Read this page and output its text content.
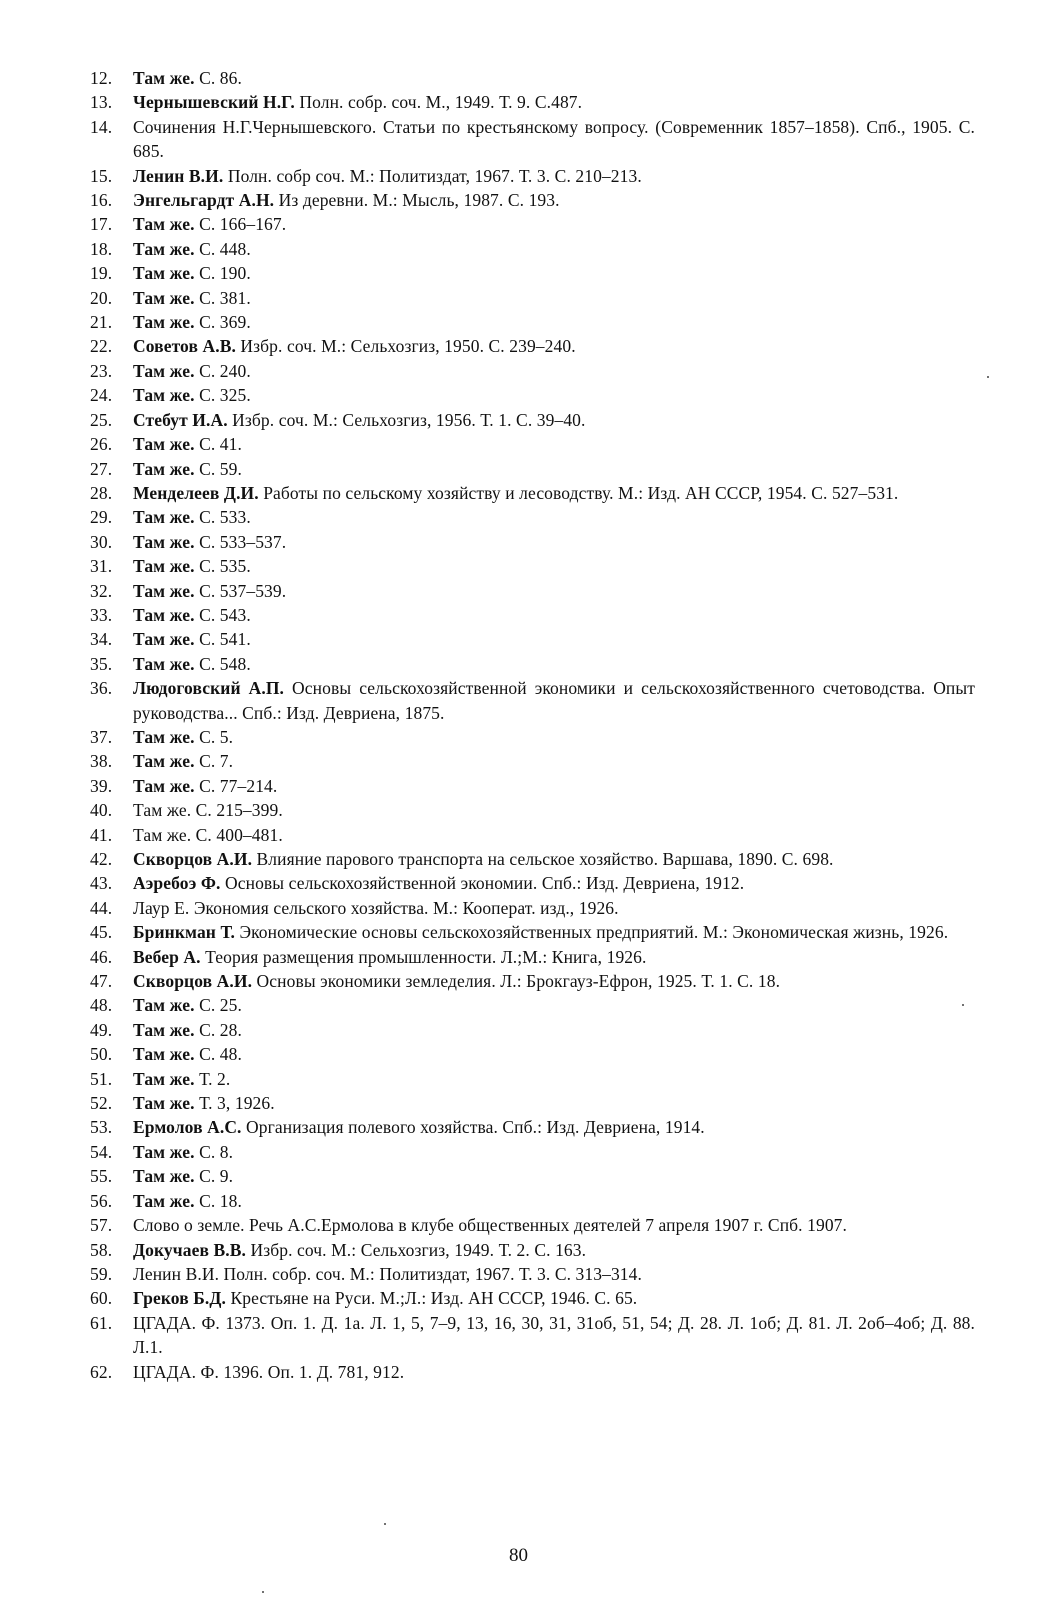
12.	Там же. С. 86.
13.	Чернышевский Н.Г. Полн. собр. соч. М., 1949. Т. 9. С.487.
14.	Сочинения Н.Г.Чернышевского. Статьи по крестьянскому вопросу. (Современник 1857–1858). Спб., 1905. С. 685.
15.	Ленин В.И. Полн. собр соч. М.: Политиздат, 1967. Т. 3. С. 210–213.
16.	Энгельгардт А.Н. Из деревни. М.: Мысль, 1987. С. 193.
17.	Там же. С. 166–167.
18.	Там же. С. 448.
19.	Там же. С. 190.
20.	Там же. С. 381.
21.	Там же. С. 369.
22.	Советов А.В. Избр. соч. М.: Сельхозгиз, 1950. С. 239–240.
23.	Там же. С. 240.
24.	Там же. С. 325.
25.	Стебут И.А. Избр. соч. М.: Сельхозгиз, 1956. Т. 1. С. 39–40.
26.	Там же. С. 41.
27.	Там же. С. 59.
28.	Менделеев Д.И. Работы по сельскому хозяйству и лесоводству. М.: Изд. АН СССР, 1954. С. 527–531.
29.	Там же. С. 533.
30.	Там же. С. 533–537.
31.	Там же. С. 535.
32.	Там же. С. 537–539.
33.	Там же. С. 543.
34.	Там же. С. 541.
35.	Там же. С. 548.
36.	Людоговский А.П. Основы сельскохозяйственной экономики и сельскохозяйственного счетоводства. Опыт руководства... Спб.: Изд. Девриена, 1875.
37.	Там же. С. 5.
38.	Там же. С. 7.
39.	Там же. С. 77–214.
40.	Там же. С. 215–399.
41.	Там же. С. 400–481.
42.	Скворцов А.И. Влияние парового транспорта на сельское хозяйство. Варшава, 1890. С. 698.
43.	Аэребоэ Ф. Основы сельскохозяйственной экономии. Спб.: Изд. Девриена, 1912.
44.	Лаур Е. Экономия сельского хозяйства. М.: Кооперат. изд., 1926.
45.	Бринкман Т. Экономические основы сельскохозяйственных предприятий. М.: Экономическая жизнь, 1926.
46.	Вебер А. Теория размещения промышленности. Л.;М.: Книга, 1926.
47.	Скворцов А.И. Основы экономики земледелия. Л.: Брокгауз-Ефрон, 1925. Т. 1. С. 18.
48.	Там же. С. 25.
49.	Там же. С. 28.
50.	Там же. С. 48.
51.	Там же. Т. 2.
52.	Там же. Т. 3, 1926.
53.	Ермолов А.С. Организация полевого хозяйства. Спб.: Изд. Девриена, 1914.
54.	Там же. С. 8.
55.	Там же. С. 9.
56.	Там же. С. 18.
57.	Слово о земле. Речь А.С.Ермолова в клубе общественных деятелей 7 апреля 1907 г. Спб. 1907.
58.	Докучаев В.В. Избр. соч. М.: Сельхозгиз, 1949. Т. 2. С. 163.
59.	Ленин В.И. Полн. собр. соч. М.: Политиздат, 1967. Т. 3. С. 313–314.
60.	Греков Б.Д. Крестьяне на Руси. М.;Л.: Изд. АН СССР, 1946. С. 65.
61.	ЦГАДА. Ф. 1373. Оп. 1. Д. 1а. Л. 1, 5, 7–9, 13, 16, 30, 31, 31об, 51, 54; Д. 28. Л. 1об; Д. 81. Л. 2об–4об; Д. 88. Л.1.
62.	ЦГАДА. Ф. 1396. Оп. 1. Д. 781, 912.
80
